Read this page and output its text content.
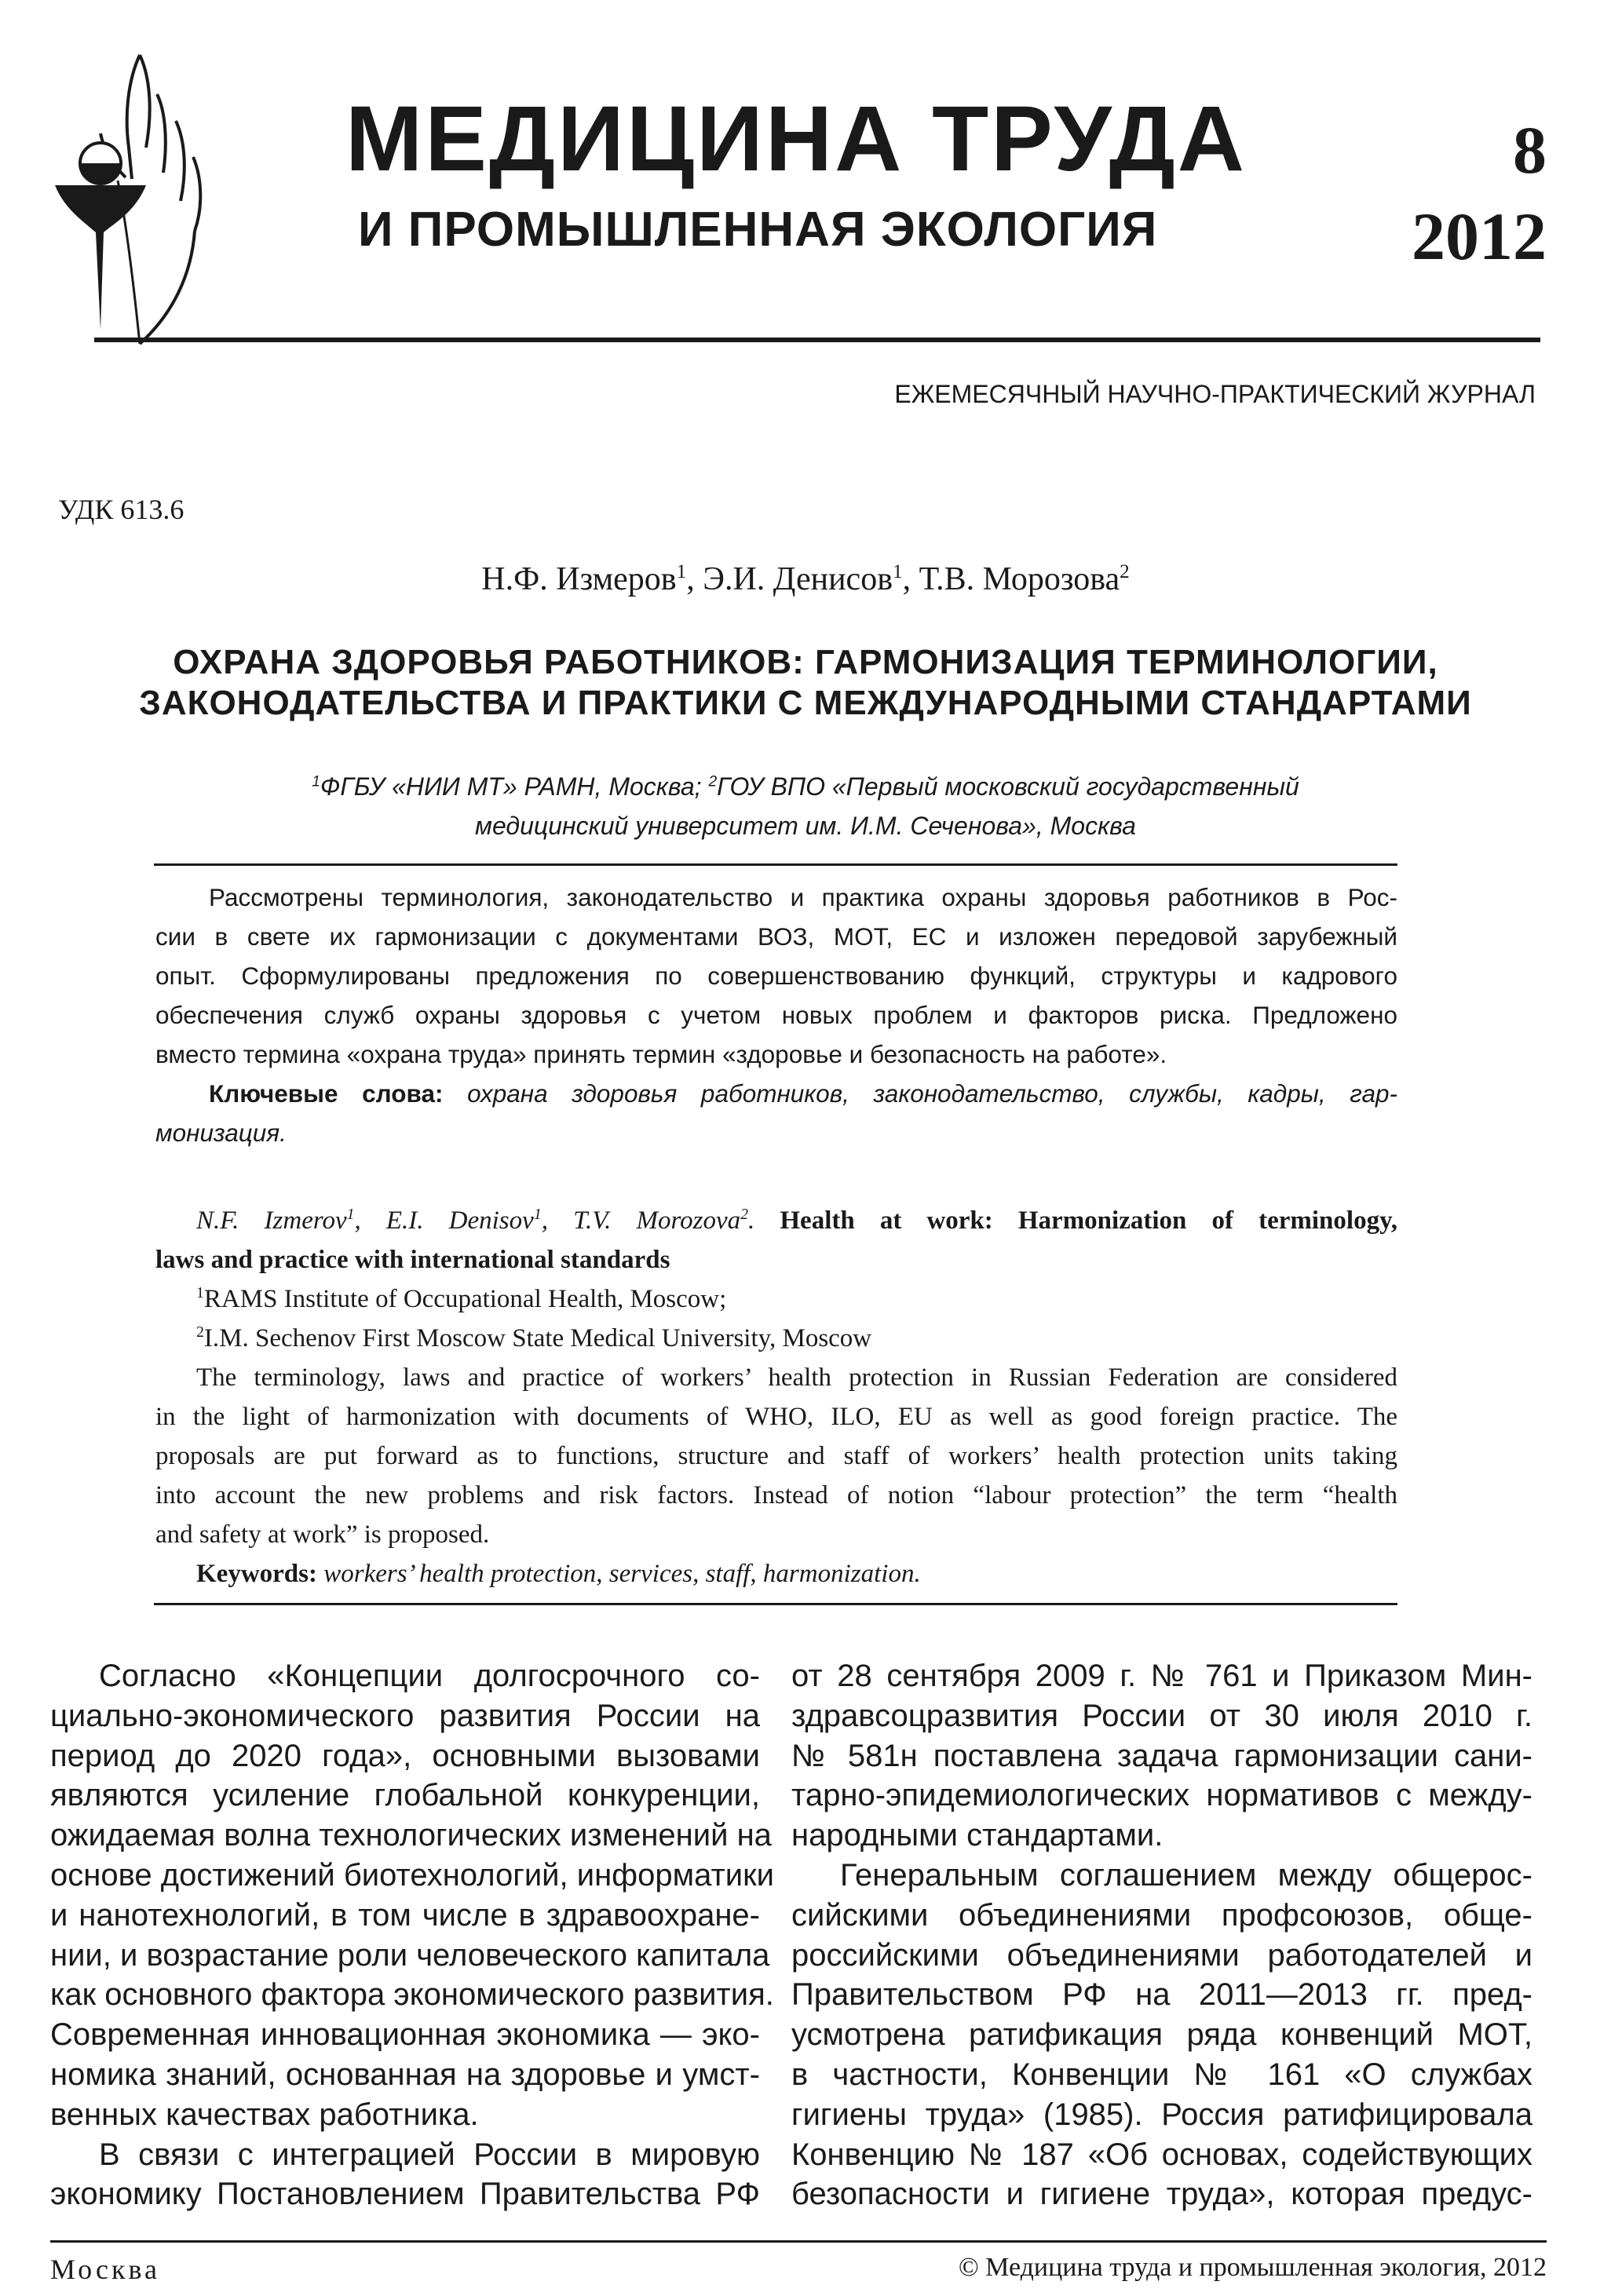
МЕДИЦИНА ТРУДА
И ПРОМЫШЛЕННАЯ ЭКОЛОГИЯ
8
2012
ЕЖЕМЕСЯЧНЫЙ НАУЧНО-ПРАКТИЧЕСКИЙ ЖУРНАЛ
УДК 613.6
Н.Ф. Измеров$^1$, Э.И. Денисов$^1$, Т.В. Морозова$^2$
ОХРАНА ЗДОРОВЬЯ РАБОТНИКОВ: ГАРМОНИЗАЦИЯ ТЕРМИНОЛОГИИ,
ЗАКОНОДАТЕЛЬСТВА И ПРАКТИКИ С МЕЖДУНАРОДНЫМИ СТАНДАРТАМИ
$^1$ФГБУ «НИИ МТ» РАМН, Москва; $^2$ГОУ ВПО «Первый московский государственный
медицинский университет им. И.М. Сеченова», Москва
Рассмотрены терминология, законодательство и практика охраны здоровья работников в Рос-
сии в свете их гармонизации с документами ВОЗ, МОТ, ЕС и изложен передовой зарубежный
опыт. Сформулированы предложения по совершенствованию функций, структуры и кадрового
обеспечения служб охраны здоровья с учетом новых проблем и факторов риска. Предложено
вместо термина «охрана труда» принять термин «здоровье и безопасность на работе».
Ключевые слова: охрана здоровья работников, законодательство, службы, кадры, гар-
монизация.
N.F. Izmerov$^1$, E.I. Denisov$^1$, T.V. Morozova$^2$. Health at work: Harmonization of terminology,
laws and practice with international standards
$^1$RAMS Institute of Occupational Health, Moscow;
$^2$I.M. Sechenov First Moscow State Medical University, Moscow
The terminology, laws and practice of workers’ health protection in Russian Federation are considered
in the light of harmonization with documents of WHO, ILO, EU as well as good foreign practice. The
proposals are put forward as to functions, structure and staff of workers’ health protection units taking
into account the new problems and risk factors. Instead of notion “labour protection” the term “health
and safety at work” is proposed.
Keywords: workers’ health protection, services, staff, harmonization.
Согласно «Концепции долгосрочного со-
циально-экономического развития России на
период до 2020 года», основными вызовами
являются усиление глобальной конкуренции,
ожидаемая волна технологических изменений на
основе достижений биотехнологий, информатики
и нанотехнологий, в том числе в здравоохране-
нии, и возрастание роли человеческого капитала
как основного фактора экономического развития.
Современная инновационная экономика — эко-
номика знаний, основанная на здоровье и умст-
венных качествах работника.
В связи с интеграцией России в мировую
экономику Постановлением Правительства РФ
от 28 сентября 2009 г. № 761 и Приказом Мин-
здравсоцразвития России от 30 июля 2010 г.
№ 581н поставлена задача гармонизации сани-
тарно-эпидемиологических нормативов с между-
народными стандартами.
Генеральным соглашением между общерос-
сийскими объединениями профсоюзов, обще-
российскими объединениями работодателей и
Правительством РФ на 2011—2013 гг. пред-
усмотрена ратификация ряда конвенций МОТ,
в частности, Конвенции № 161 «О службах
гигиены труда» (1985). Россия ратифицировала
Конвенцию № 187 «Об основах, содействующих
безопасности и гигиене труда», которая предус-
Москва	© Медицина труда и промышленная экология, 2012
